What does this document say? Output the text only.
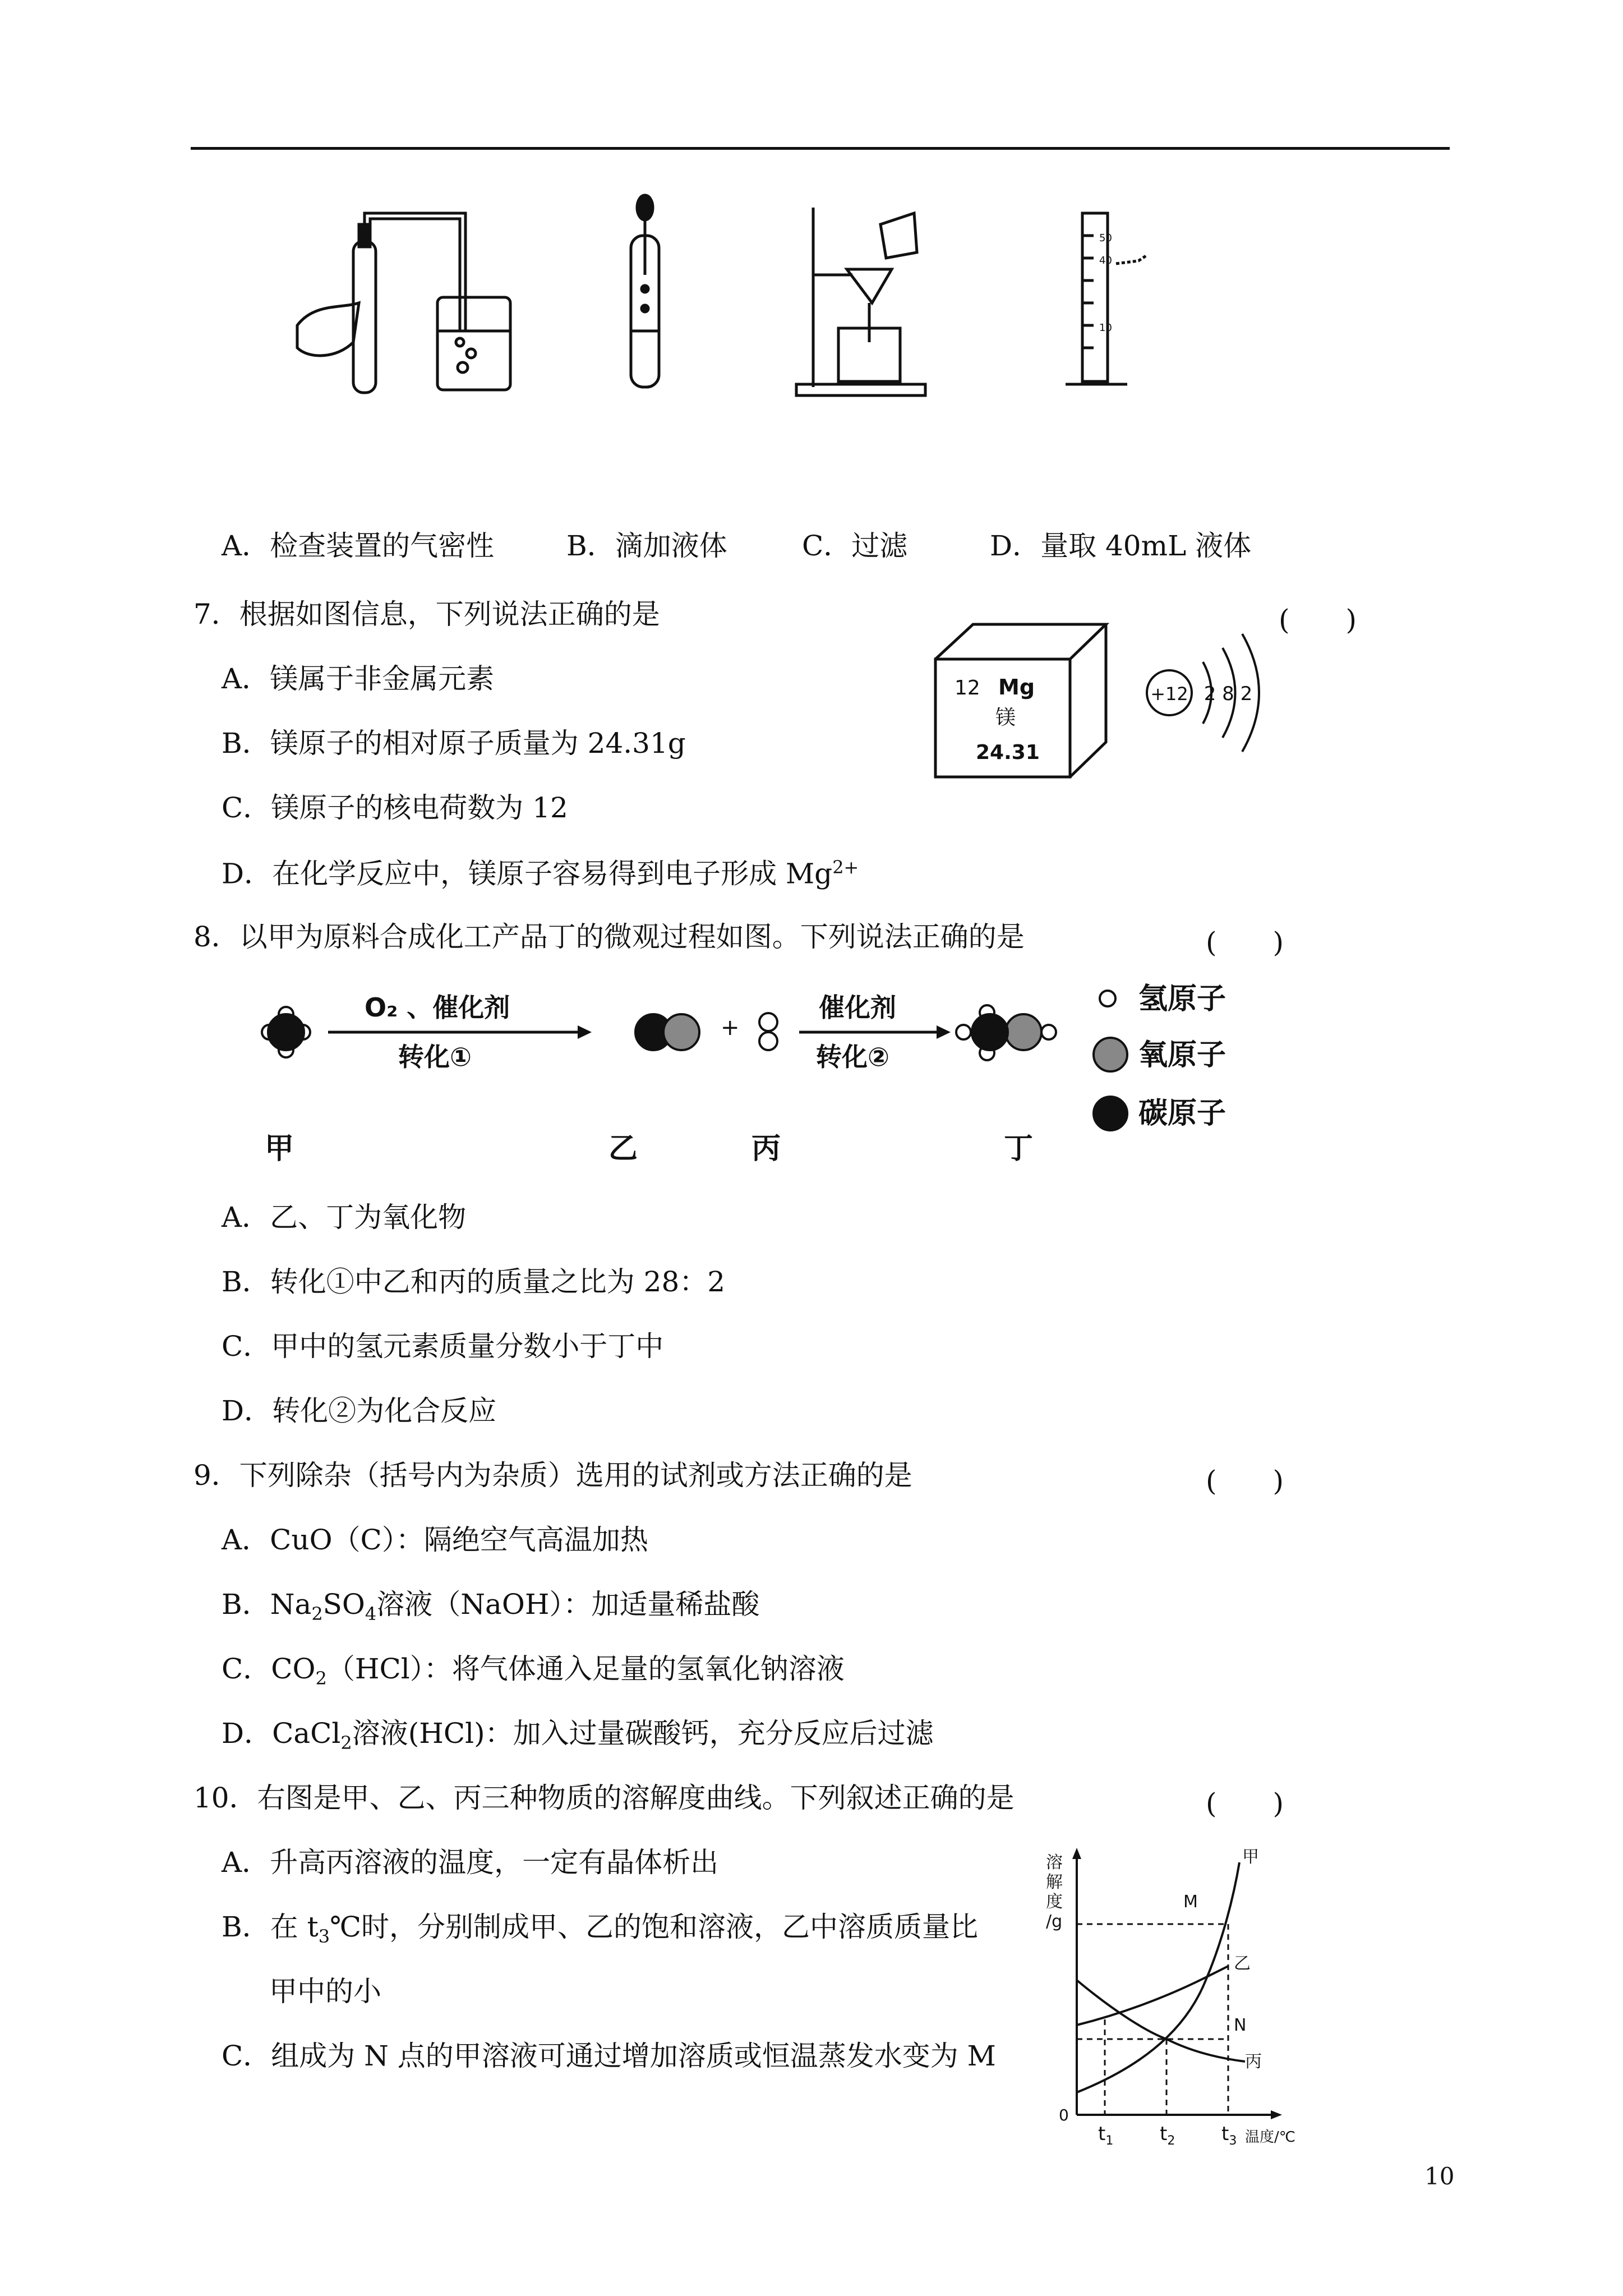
50
40
10
A．检查装置的气密性	B．滴加液体	C．过滤	D．量取 40mL 液体
7．根据如图信息，下列说法正确的是	(　　)
A．镁属于非金属元素
B．镁原子的相对原子质量为 24.31g
C．镁原子的核电荷数为 12
D．在化学反应中，镁原子容易得到电子形成 $Mg^{2+}$
12 Mg
镁
24.31
+12 2 8 2
8．以甲为原料合成化工产品丁的微观过程如图。下列说法正确的是	(　　)
O₂ 、催化剂
转化①
+
催化剂
转化②
氢原子
氧原子
碳原子
甲	乙	丙	丁
A．乙、丁为氧化物
B．转化①中乙和丙的质量之比为 28：2
C．甲中的氢元素质量分数小于丁中
D．转化②为化合反应
9．下列除杂（括号内为杂质）选用的试剂或方法正确的是	(　　)
A．CuO（C）：隔绝空气高温加热
B．$Na_2SO_4$溶液（NaOH）：加适量稀盐酸
C．$CO_2(HCl)$：将气体通入足量的氢氧化钠溶液
D．CaCl$_2$溶液(HCl)：加入过量碳酸钙，充分反应后过滤
10．右图是甲、乙、丙三种物质的溶解度曲线。下列叙述正确的是	(　　)
A．升高丙溶液的温度，一定有晶体析出
B．在 $t_3℃$时，分别制成甲、乙的饱和溶液，乙中溶质质量比
甲中的小
C．组成为 N 点的甲溶液可通过增加溶质或恒温蒸发水变为 M
溶
解
度
/g
0
甲
乙
丙
M
N
$t_1$ $t_2$ $t_3$ 温度/℃
10
